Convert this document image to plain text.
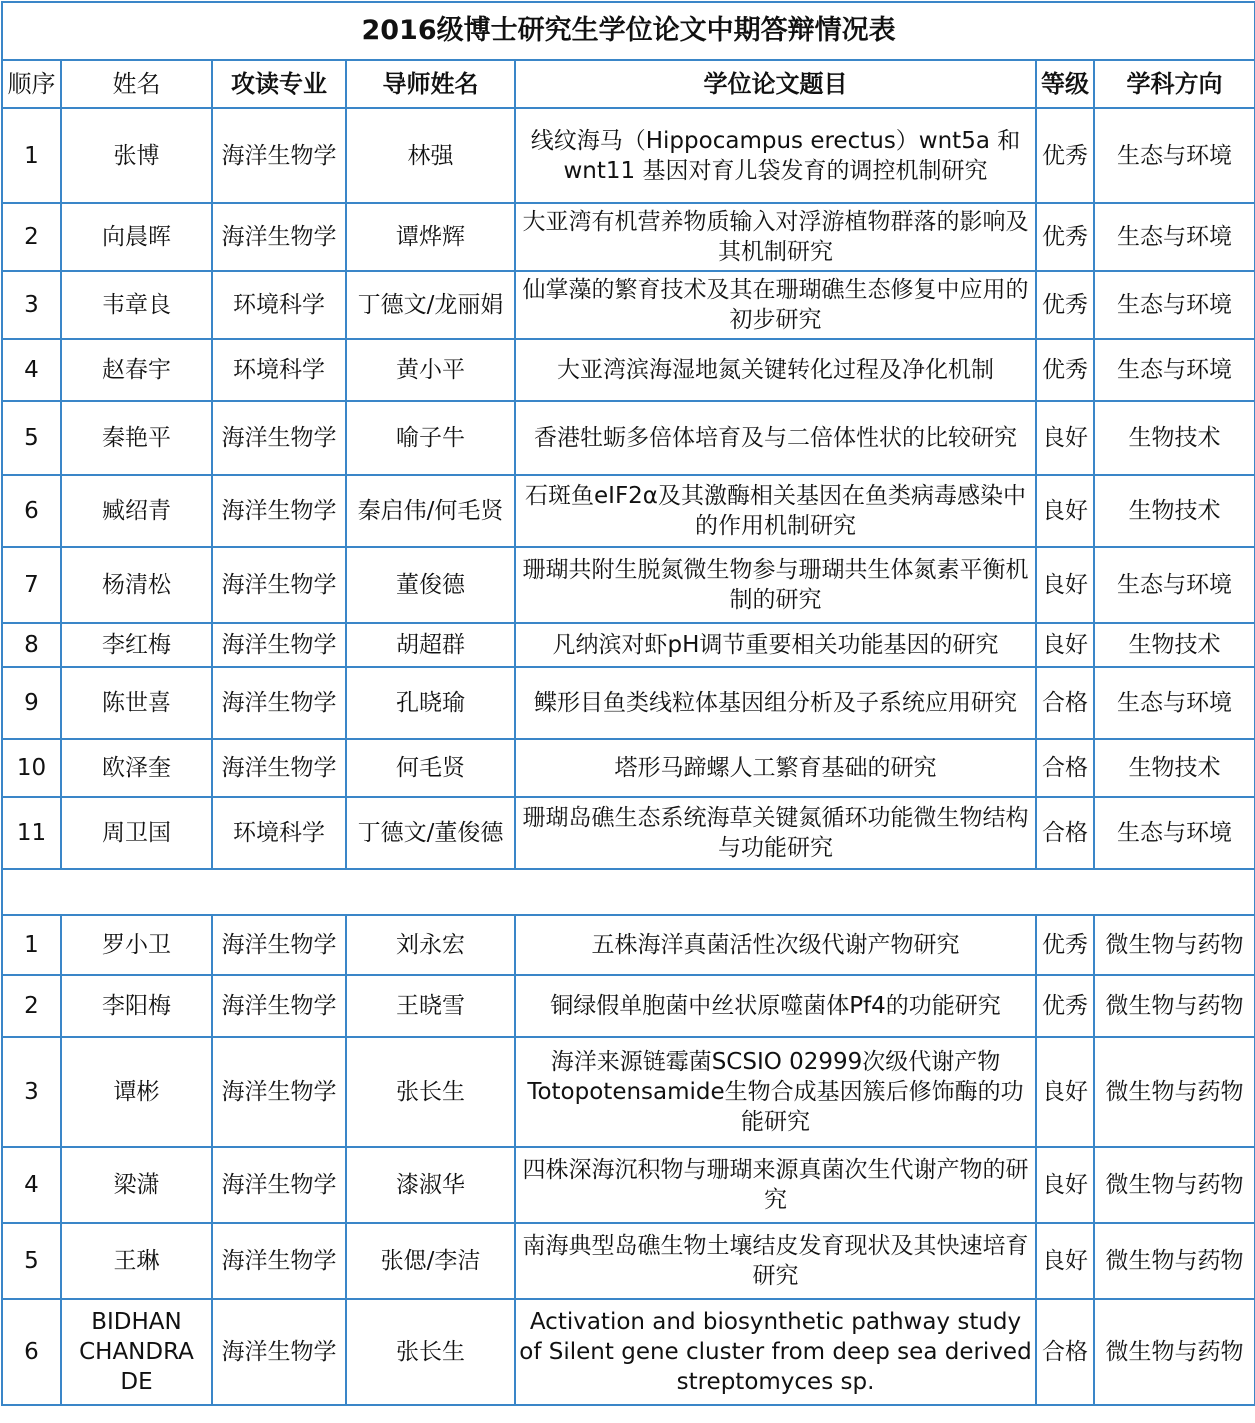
2016级博士研究生学位论文中期答辩情况表						
顺序	姓名	攻读专业	导师姓名	学位论文题目	等级	学科方向
1	张博	海洋生物学	林强	线纹海马（Hippocampus erectus）wnt5a 和 wnt11 基因对育儿袋发育的调控机制研究	优秀	生态与环境
2	向晨晖	海洋生物学	谭烨辉	大亚湾有机营养物质输入对浮游植物群落的影响及其机制研究	优秀	生态与环境
3	韦章良	环境科学	丁德文/龙丽娟	仙掌藻的繁育技术及其在珊瑚礁生态修复中应用的初步研究	优秀	生态与环境
4	赵春宇	环境科学	黄小平	大亚湾滨海湿地氮关键转化过程及净化机制	优秀	生态与环境
5	秦艳平	海洋生物学	喻子牛	香港牡蛎多倍体培育及与二倍体性状的比较研究	良好	生物技术
6	臧绍青	海洋生物学	秦启伟/何毛贤	石斑鱼eIF2α及其激酶相关基因在鱼类病毒感染中的作用机制研究	良好	生物技术
7	杨清松	海洋生物学	董俊德	珊瑚共附生脱氮微生物参与珊瑚共生体氮素平衡机制的研究	良好	生态与环境
8	李红梅	海洋生物学	胡超群	凡纳滨对虾pH调节重要相关功能基因的研究	良好	生物技术
9	陈世喜	海洋生物学	孔晓瑜	鲽形目鱼类线粒体基因组分析及子系统应用研究	合格	生态与环境
10	欧泽奎	海洋生物学	何毛贤	塔形马蹄螺人工繁育基础的研究	合格	生物技术
11	周卫国	环境科学	丁德文/董俊德	珊瑚岛礁生态系统海草关键氮循环功能微生物结构与功能研究	合格	生态与环境

1	罗小卫	海洋生物学	刘永宏	五株海洋真菌活性次级代谢产物研究	优秀	微生物与药物
2	李阳梅	海洋生物学	王晓雪	铜绿假单胞菌中丝状原噬菌体Pf4的功能研究	优秀	微生物与药物
3	谭彬	海洋生物学	张长生	海洋来源链霉菌SCSIO 02999次级代谢产物Totopotensamide生物合成基因簇后修饰酶的功能研究	良好	微生物与药物
4	梁潇	海洋生物学	漆淑华	四株深海沉积物与珊瑚来源真菌次生代谢产物的研究	良好	微生物与药物
5	王琳	海洋生物学	张偲/李洁	南海典型岛礁生物土壤结皮发育现状及其快速培育研究	良好	微生物与药物
6	BIDHAN CHANDRA DE	海洋生物学	张长生	Activation and biosynthetic pathway study of Silent gene cluster from deep sea derived streptomyces sp.	合格	微生物与药物
